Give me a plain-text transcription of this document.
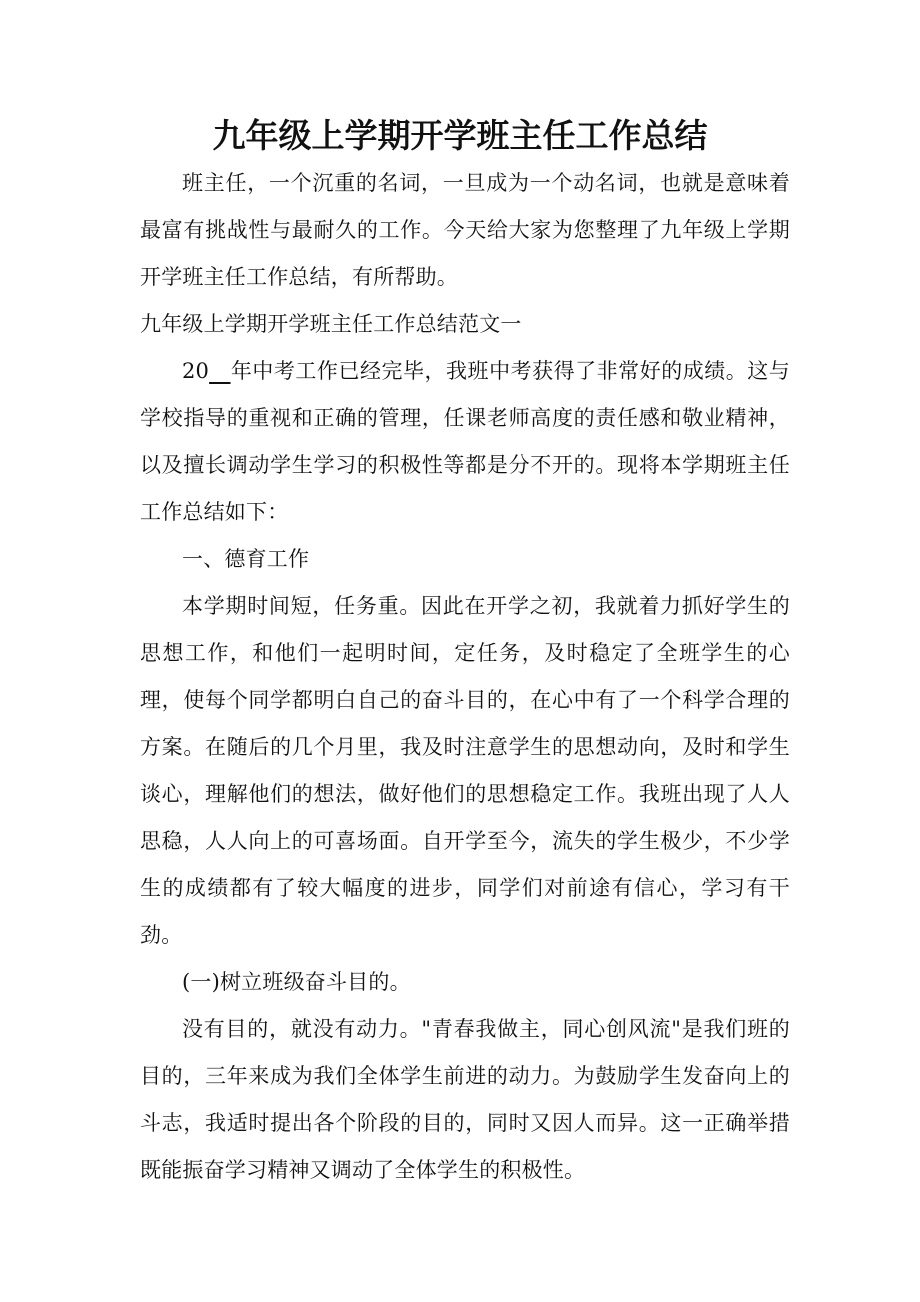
九年级上学期开学班主任工作总结

班主任，一个沉重的名词，一旦成为一个动名词，也就是意味着最富有挑战性与最耐久的工作。今天给大家为您整理了九年级上学期开学班主任工作总结，有所帮助。

九年级上学期开学班主任工作总结范文一

20__年中考工作已经完毕，我班中考获得了非常好的成绩。这与学校指导的重视和正确的管理，任课老师高度的责任感和敬业精神，以及擅长调动学生学习的积极性等都是分不开的。现将本学期班主任工作总结如下：

一、德育工作

本学期时间短，任务重。因此在开学之初，我就着力抓好学生的思想工作，和他们一起明时间，定任务，及时稳定了全班学生的心理，使每个同学都明白自己的奋斗目的，在心中有了一个科学合理的方案。在随后的几个月里，我及时注意学生的思想动向，及时和学生谈心，理解他们的想法，做好他们的思想稳定工作。我班出现了人人思稳，人人向上的可喜场面。自开学至今，流失的学生极少，不少学生的成绩都有了较大幅度的进步，同学们对前途有信心，学习有干劲。

(一)树立班级奋斗目的。

没有目的，就没有动力。"青春我做主，同心创风流"是我们班的目的，三年来成为我们全体学生前进的动力。为鼓励学生发奋向上的斗志，我适时提出各个阶段的目的，同时又因人而异。这一正确举措既能振奋学习精神又调动了全体学生的积极性。
